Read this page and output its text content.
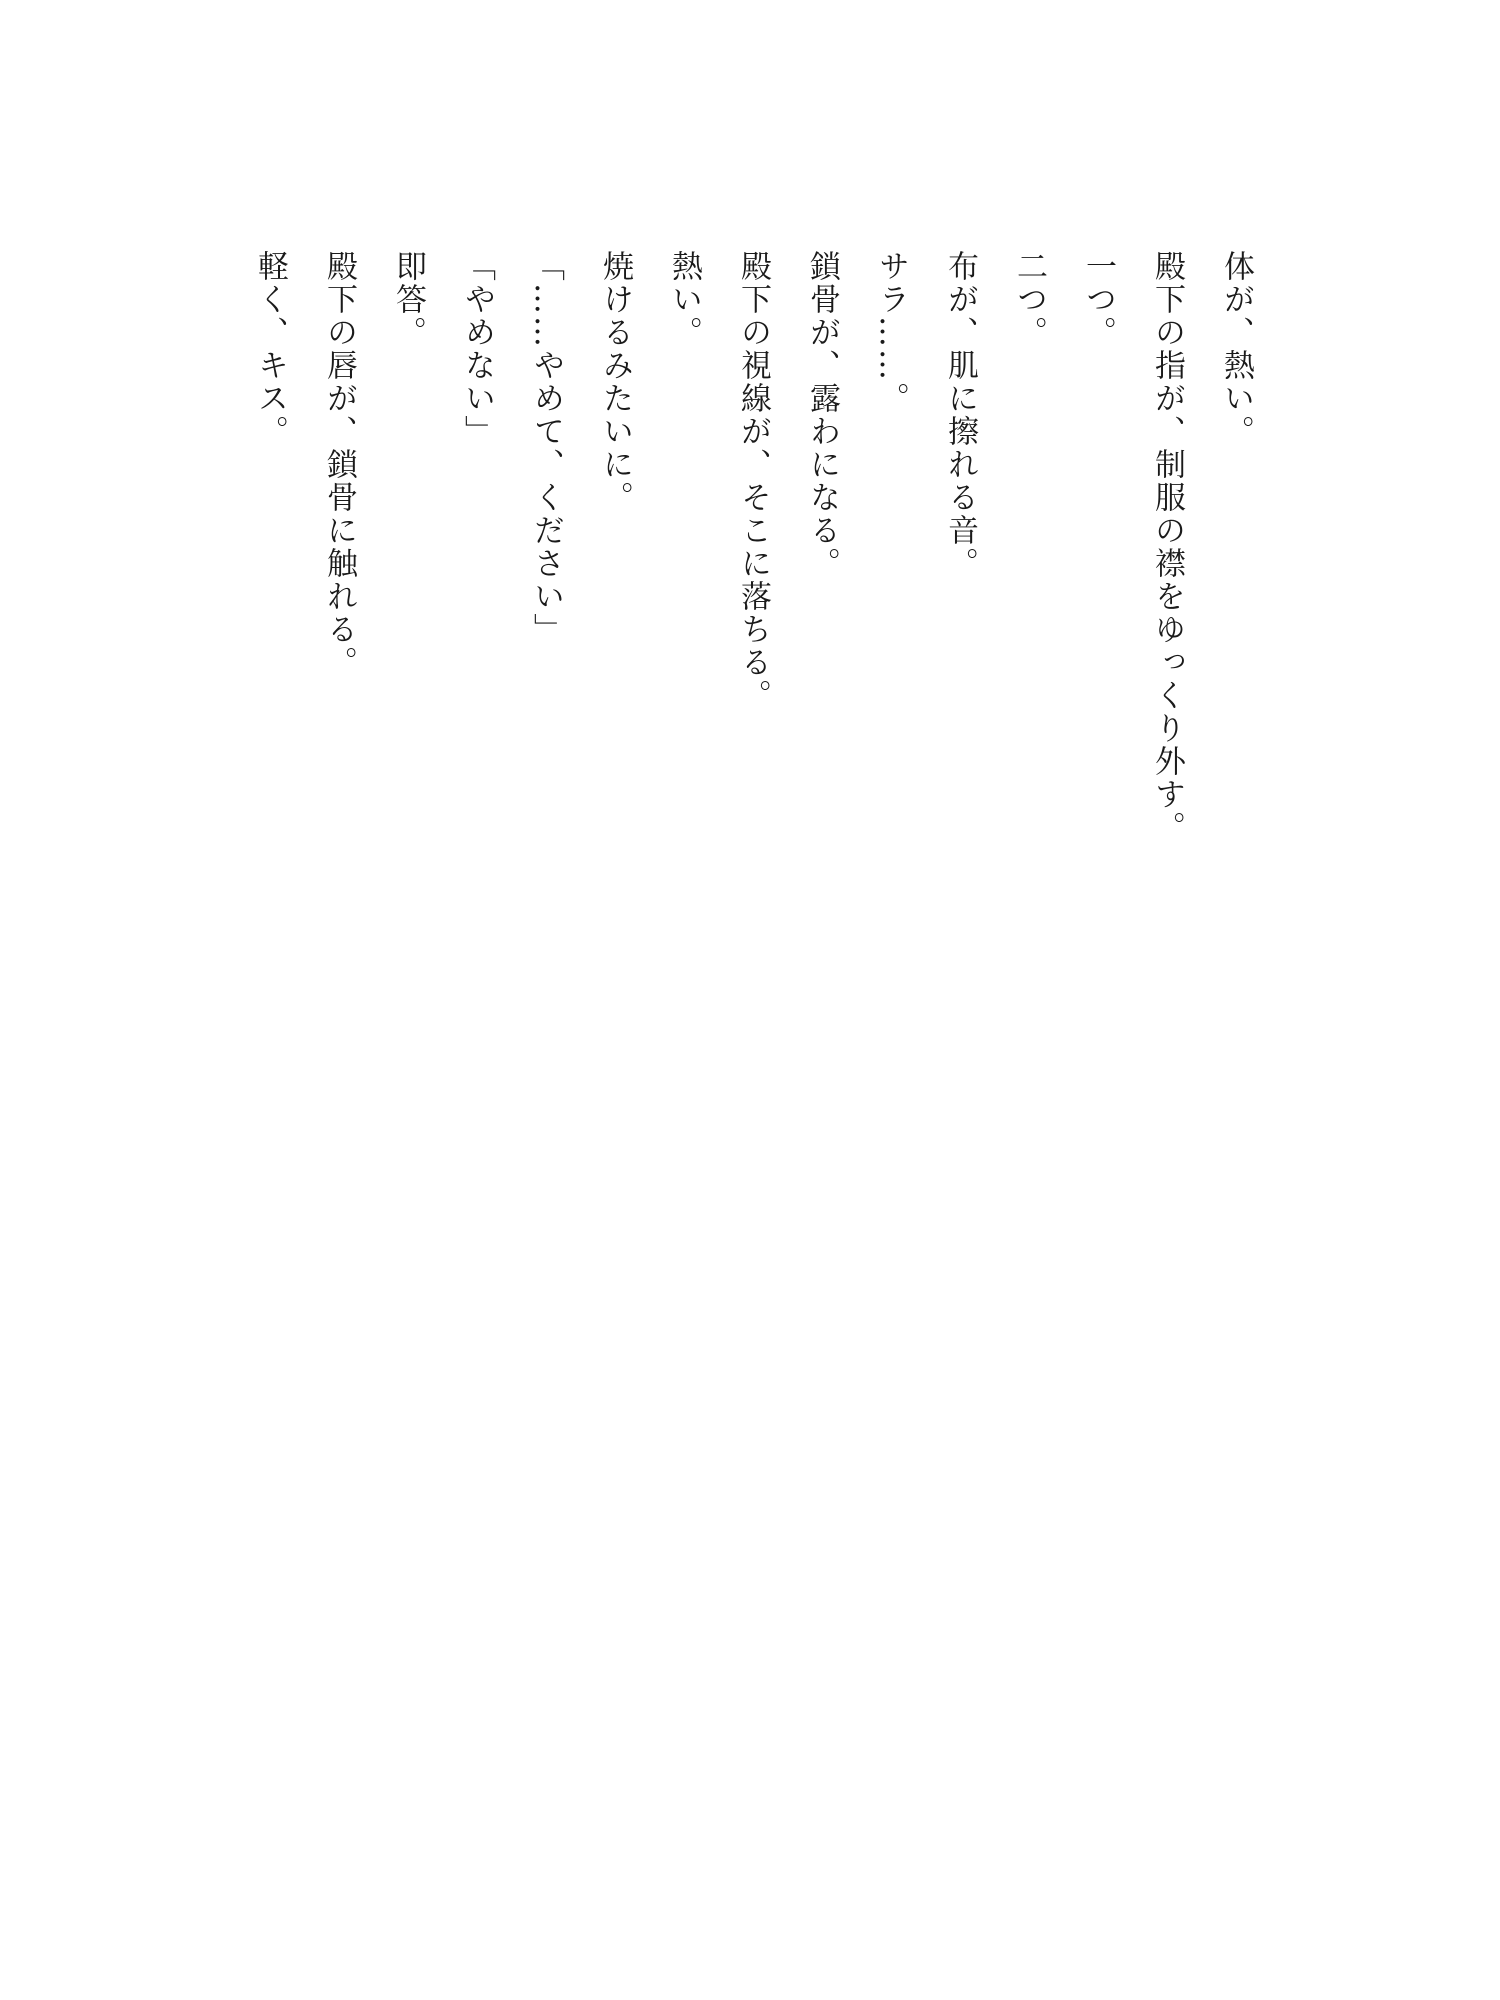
体が、熱い。
殿下の指が、制服の襟をゆっくり外す。
一つ。
二つ。
布が、肌に擦れる音。
サラ……。
鎖骨が、露わになる。
殿下の視線が、そこに落ちる。
熱い。
焼けるみたいに。
「……やめて、ください」
「やめない」
即答。
殿下の唇が、鎖骨に触れる。
軽く、キス。
